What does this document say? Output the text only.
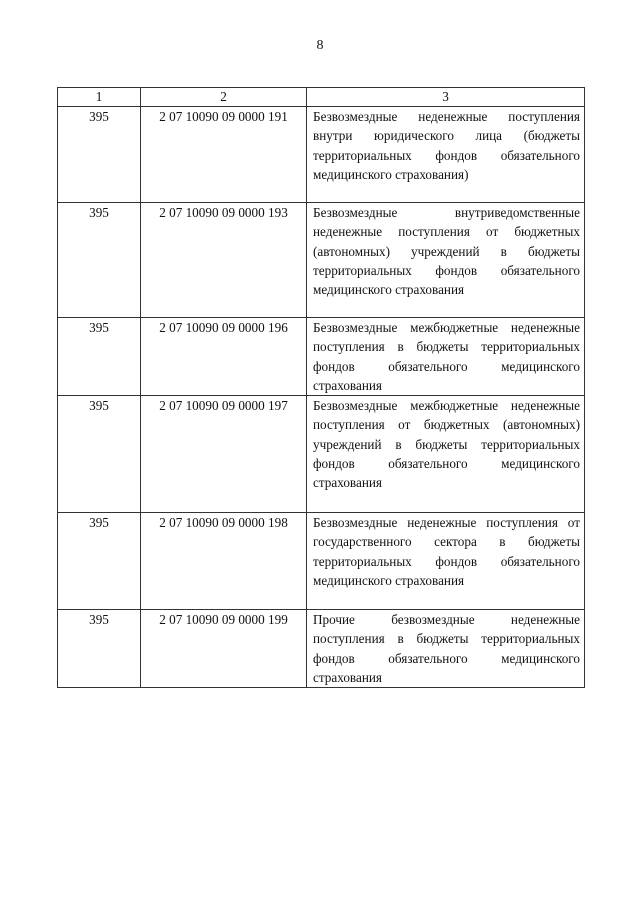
8
1	2	3
395	2 07 10090 09 0000 191	Безвозмездные неденежные поступления внутри юридического лица (бюджеты территориальных фондов обязательного медицинского страхования)
395	2 07 10090 09 0000 193	Безвозмездные внутриведомственные неденежные поступления от бюджетных (автономных) учреждений в бюджеты территориальных фондов обязательного медицинского страхования
395	2 07 10090 09 0000 196	Безвозмездные межбюджетные неденежные поступления в бюджеты территориальных фондов обязательного медицинского страхования
395	2 07 10090 09 0000 197	Безвозмездные межбюджетные неденежные поступления от бюджетных (автономных) учреждений в бюджеты территориальных фондов обязательного медицинского страхования
395	2 07 10090 09 0000 198	Безвозмездные неденежные поступления от государственного сектора в бюджеты территориальных фондов обязательного медицинского страхования
395	2 07 10090 09 0000 199	Прочие безвозмездные неденежные поступления в бюджеты территориальных фондов обязательного медицинского страхования
